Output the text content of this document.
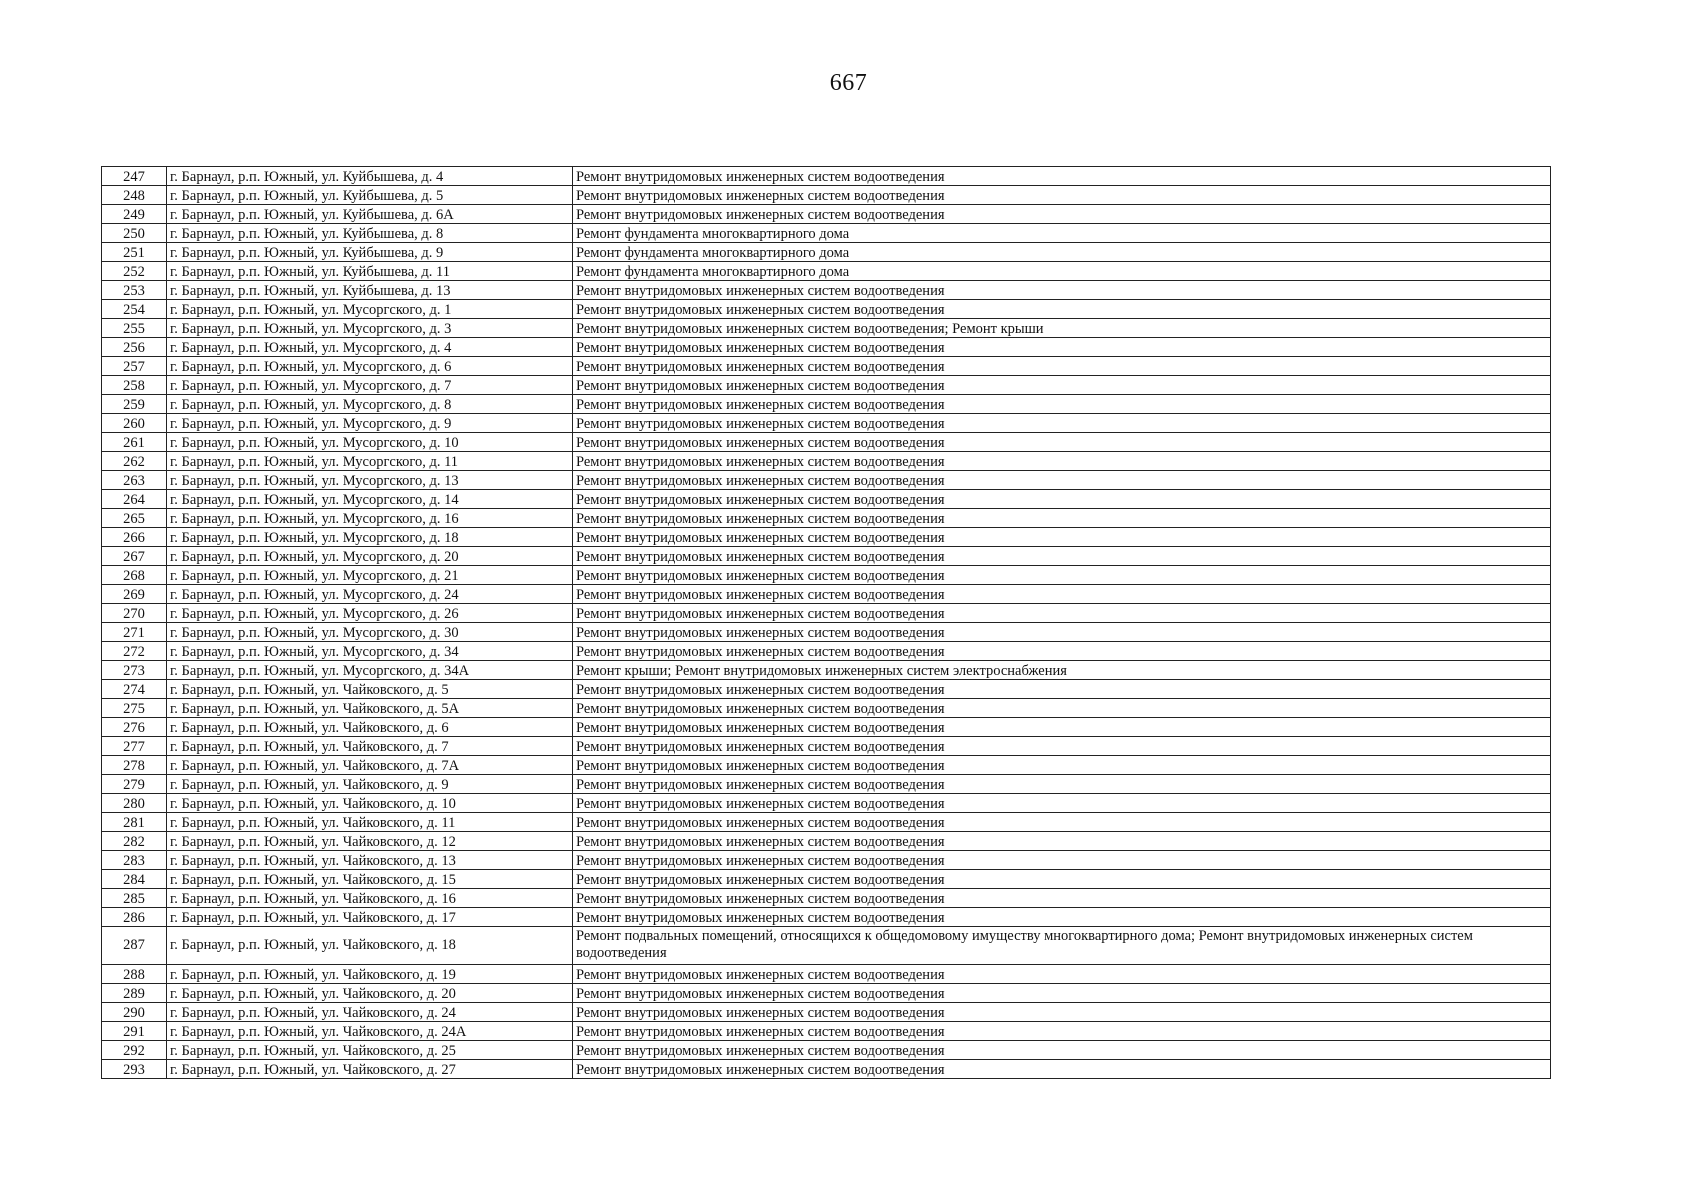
667
247	г. Барнаул, р.п. Южный, ул. Куйбышева, д. 4	Ремонт внутридомовых инженерных систем водоотведения
248	г. Барнаул, р.п. Южный, ул. Куйбышева, д. 5	Ремонт внутридомовых инженерных систем водоотведения
249	г. Барнаул, р.п. Южный, ул. Куйбышева, д. 6А	Ремонт внутридомовых инженерных систем водоотведения
250	г. Барнаул, р.п. Южный, ул. Куйбышева, д. 8	Ремонт фундамента многоквартирного дома
251	г. Барнаул, р.п. Южный, ул. Куйбышева, д. 9	Ремонт фундамента многоквартирного дома
252	г. Барнаул, р.п. Южный, ул. Куйбышева, д. 11	Ремонт фундамента многоквартирного дома
253	г. Барнаул, р.п. Южный, ул. Куйбышева, д. 13	Ремонт внутридомовых инженерных систем водоотведения
254	г. Барнаул, р.п. Южный, ул. Мусоргского, д. 1	Ремонт внутридомовых инженерных систем водоотведения
255	г. Барнаул, р.п. Южный, ул. Мусоргского, д. 3	Ремонт внутридомовых инженерных систем водоотведения; Ремонт крыши
256	г. Барнаул, р.п. Южный, ул. Мусоргского, д. 4	Ремонт внутридомовых инженерных систем водоотведения
257	г. Барнаул, р.п. Южный, ул. Мусоргского, д. 6	Ремонт внутридомовых инженерных систем водоотведения
258	г. Барнаул, р.п. Южный, ул. Мусоргского, д. 7	Ремонт внутридомовых инженерных систем водоотведения
259	г. Барнаул, р.п. Южный, ул. Мусоргского, д. 8	Ремонт внутридомовых инженерных систем водоотведения
260	г. Барнаул, р.п. Южный, ул. Мусоргского, д. 9	Ремонт внутридомовых инженерных систем водоотведения
261	г. Барнаул, р.п. Южный, ул. Мусоргского, д. 10	Ремонт внутридомовых инженерных систем водоотведения
262	г. Барнаул, р.п. Южный, ул. Мусоргского, д. 11	Ремонт внутридомовых инженерных систем водоотведения
263	г. Барнаул, р.п. Южный, ул. Мусоргского, д. 13	Ремонт внутридомовых инженерных систем водоотведения
264	г. Барнаул, р.п. Южный, ул. Мусоргского, д. 14	Ремонт внутридомовых инженерных систем водоотведения
265	г. Барнаул, р.п. Южный, ул. Мусоргского, д. 16	Ремонт внутридомовых инженерных систем водоотведения
266	г. Барнаул, р.п. Южный, ул. Мусоргского, д. 18	Ремонт внутридомовых инженерных систем водоотведения
267	г. Барнаул, р.п. Южный, ул. Мусоргского, д. 20	Ремонт внутридомовых инженерных систем водоотведения
268	г. Барнаул, р.п. Южный, ул. Мусоргского, д. 21	Ремонт внутридомовых инженерных систем водоотведения
269	г. Барнаул, р.п. Южный, ул. Мусоргского, д. 24	Ремонт внутридомовых инженерных систем водоотведения
270	г. Барнаул, р.п. Южный, ул. Мусоргского, д. 26	Ремонт внутридомовых инженерных систем водоотведения
271	г. Барнаул, р.п. Южный, ул. Мусоргского, д. 30	Ремонт внутридомовых инженерных систем водоотведения
272	г. Барнаул, р.п. Южный, ул. Мусоргского, д. 34	Ремонт внутридомовых инженерных систем водоотведения
273	г. Барнаул, р.п. Южный, ул. Мусоргского, д. 34А	Ремонт крыши; Ремонт внутридомовых инженерных систем электроснабжения
274	г. Барнаул, р.п. Южный, ул. Чайковского, д. 5	Ремонт внутридомовых инженерных систем водоотведения
275	г. Барнаул, р.п. Южный, ул. Чайковского, д. 5А	Ремонт внутридомовых инженерных систем водоотведения
276	г. Барнаул, р.п. Южный, ул. Чайковского, д. 6	Ремонт внутридомовых инженерных систем водоотведения
277	г. Барнаул, р.п. Южный, ул. Чайковского, д. 7	Ремонт внутридомовых инженерных систем водоотведения
278	г. Барнаул, р.п. Южный, ул. Чайковского, д. 7А	Ремонт внутридомовых инженерных систем водоотведения
279	г. Барнаул, р.п. Южный, ул. Чайковского, д. 9	Ремонт внутридомовых инженерных систем водоотведения
280	г. Барнаул, р.п. Южный, ул. Чайковского, д. 10	Ремонт внутридомовых инженерных систем водоотведения
281	г. Барнаул, р.п. Южный, ул. Чайковского, д. 11	Ремонт внутридомовых инженерных систем водоотведения
282	г. Барнаул, р.п. Южный, ул. Чайковского, д. 12	Ремонт внутридомовых инженерных систем водоотведения
283	г. Барнаул, р.п. Южный, ул. Чайковского, д. 13	Ремонт внутридомовых инженерных систем водоотведения
284	г. Барнаул, р.п. Южный, ул. Чайковского, д. 15	Ремонт внутридомовых инженерных систем водоотведения
285	г. Барнаул, р.п. Южный, ул. Чайковского, д. 16	Ремонт внутридомовых инженерных систем водоотведения
286	г. Барнаул, р.п. Южный, ул. Чайковского, д. 17	Ремонт внутридомовых инженерных систем водоотведения
287	г. Барнаул, р.п. Южный, ул. Чайковского, д. 18	Ремонт подвальных помещений, относящихся к общедомовому имуществу многоквартирного дома; Ремонт внутридомовых инженерных систем водоотведения
288	г. Барнаул, р.п. Южный, ул. Чайковского, д. 19	Ремонт внутридомовых инженерных систем водоотведения
289	г. Барнаул, р.п. Южный, ул. Чайковского, д. 20	Ремонт внутридомовых инженерных систем водоотведения
290	г. Барнаул, р.п. Южный, ул. Чайковского, д. 24	Ремонт внутридомовых инженерных систем водоотведения
291	г. Барнаул, р.п. Южный, ул. Чайковского, д. 24А	Ремонт внутридомовых инженерных систем водоотведения
292	г. Барнаул, р.п. Южный, ул. Чайковского, д. 25	Ремонт внутридомовых инженерных систем водоотведения
293	г. Барнаул, р.п. Южный, ул. Чайковского, д. 27	Ремонт внутридомовых инженерных систем водоотведения
